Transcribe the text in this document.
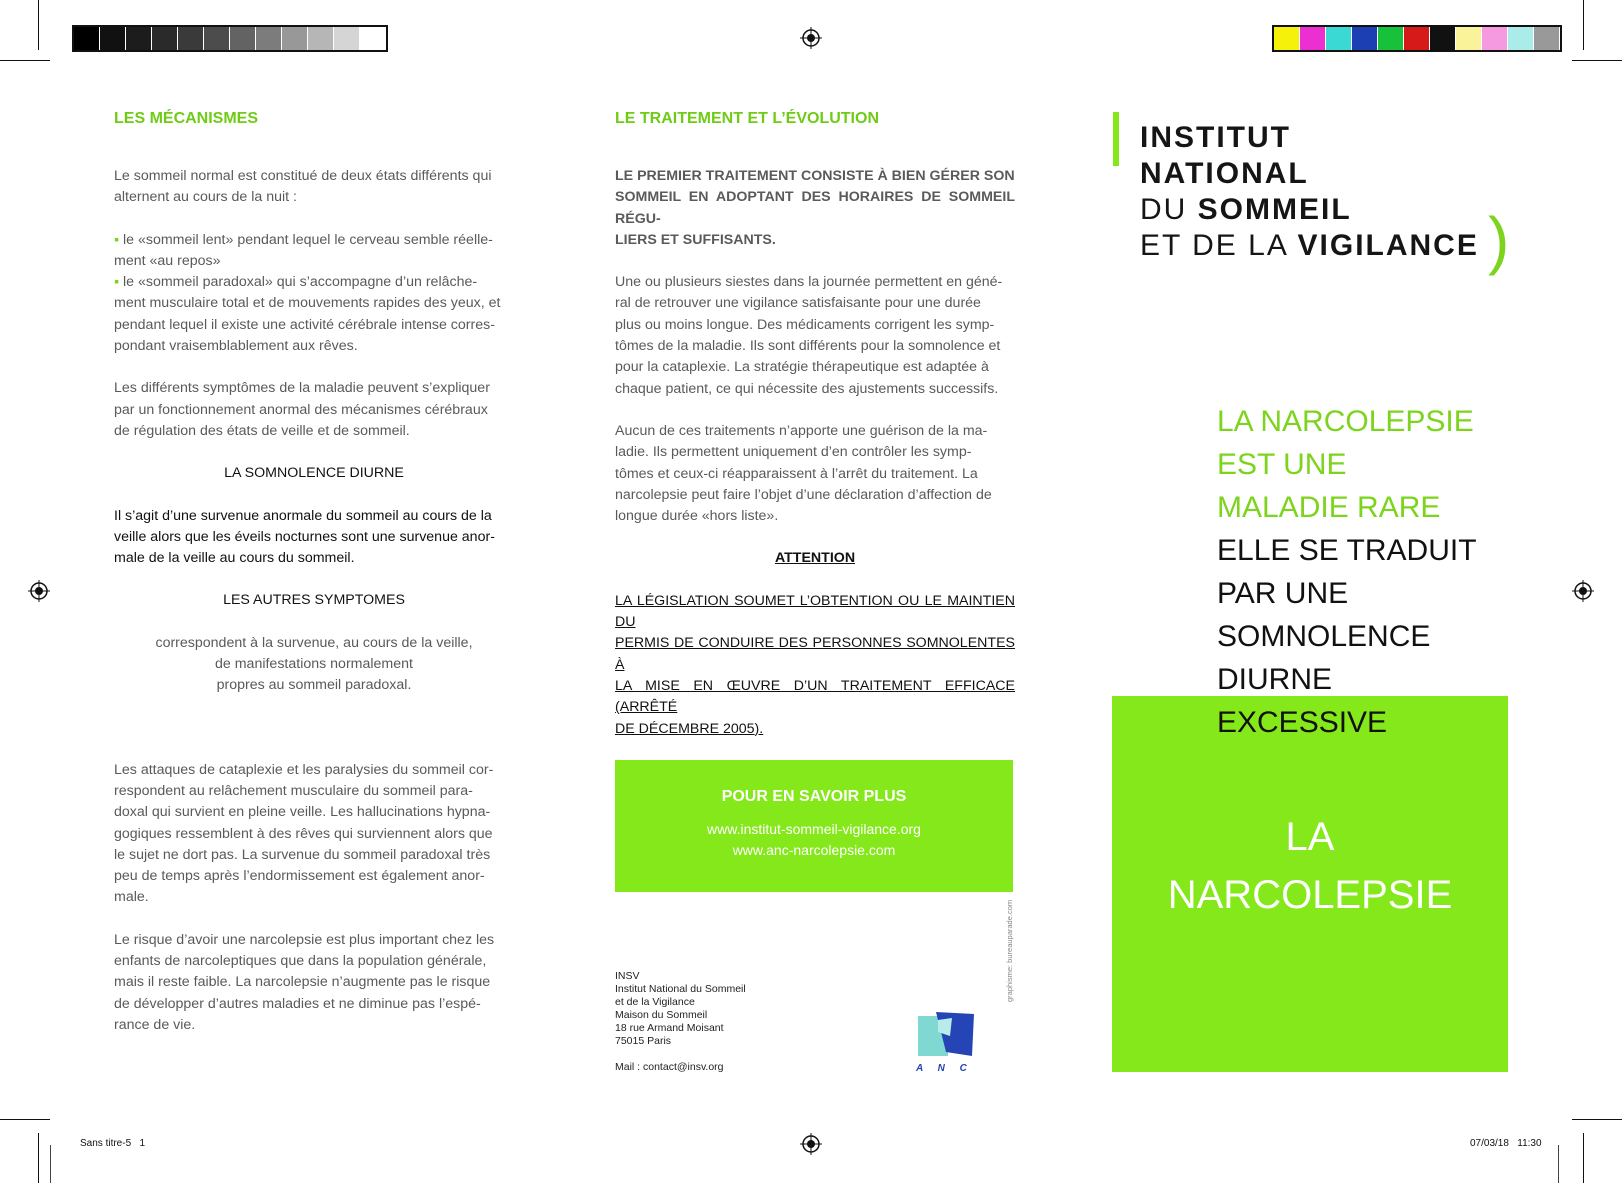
LES MÉCANISMES
Le sommeil normal est constitué de deux états différents qui
alternent au cours de la nuit :
▪ le «sommeil lent» pendant lequel le cerveau semble réelle-
ment «au repos»
▪ le «sommeil paradoxal» qui s’accompagne d’un relâche-
ment musculaire total et de mouvements rapides des yeux, et
pendant lequel il existe une activité cérébrale intense corres-
pondant vraisemblablement aux rêves.
Les différents symptômes de la maladie peuvent s’expliquer
par un fonctionnement anormal des mécanismes cérébraux
de régulation des états de veille et de sommeil.
LA SOMNOLENCE DIURNE
Il s’agit d’une survenue anormale du sommeil au cours de la
veille alors que les éveils nocturnes sont une survenue anor-
male de la veille au cours du sommeil.
LES AUTRES SYMPTOMES
correspondent à la survenue, au cours de la veille,
de manifestations normalement
propres au sommeil paradoxal.
Les attaques de cataplexie et les paralysies du sommeil cor-
respondent au relâchement musculaire du sommeil para-
doxal qui survient en pleine veille. Les hallucinations hypna-
gogiques ressemblent à des rêves qui surviennent alors que
le sujet ne dort pas. La survenue du sommeil paradoxal très
peu de temps après l’endormissement est également anor-
male.
Le risque d’avoir une narcolepsie est plus important chez les
enfants de narcoleptiques que dans la population générale,
mais il reste faible. La narcolepsie n’augmente pas le risque
de développer d’autres maladies et ne diminue pas l’espé-
rance de vie.
LE TRAITEMENT ET L’ÉVOLUTION
LE PREMIER TRAITEMENT CONSISTE À BIEN GÉRER SON
SOMMEIL EN ADOPTANT DES HORAIRES DE SOMMEIL RÉGU-
LIERS ET SUFFISANTS.
Une ou plusieurs siestes dans la journée permettent en géné-
ral de retrouver une vigilance satisfaisante pour une durée
plus ou moins longue. Des médicaments corrigent les symp-
tômes de la maladie. Ils sont différents pour la somnolence et
pour la cataplexie. La stratégie thérapeutique est adaptée à
chaque patient, ce qui nécessite des ajustements successifs.
Aucun de ces traitements n’apporte une guérison de la ma-
ladie. Ils permettent uniquement d’en contrôler les symp-
tômes et ceux-ci réapparaissent à l’arrêt du traitement. La
narcolepsie peut faire l’objet d’une déclaration d’affection de
longue durée «hors liste».
ATTENTION
LA LÉGISLATION SOUMET L’OBTENTION OU LE MAINTIEN DU
PERMIS DE CONDUIRE DES PERSONNES SOMNOLENTES À
LA MISE EN ŒUVRE D’UN TRAITEMENT EFFICACE (ARRÊTÉ
DE DÉCEMBRE 2005).
POUR EN SAVOIR PLUS
www.institut-sommeil-vigilance.org
www.anc-narcolepsie.com
graphisme: bureauparade.com
INSV
Institut National du Sommeil
et de la Vigilance
Maison du Sommeil
18 rue Armand Moisant
75015 Paris
Mail : contact@insv.org	A N C
INSTITUT
NATIONAL
DU SOMMEIL
ET DE LA VIGILANCE )
LA NARCOLEPSIE
EST UNE
MALADIE RARE
ELLE SE TRADUIT
PAR UNE
SOMNOLENCE
DIURNE
EXCESSIVE
LA
NARCOLEPSIE
Sans titre-5   1	07/03/18   11:30
